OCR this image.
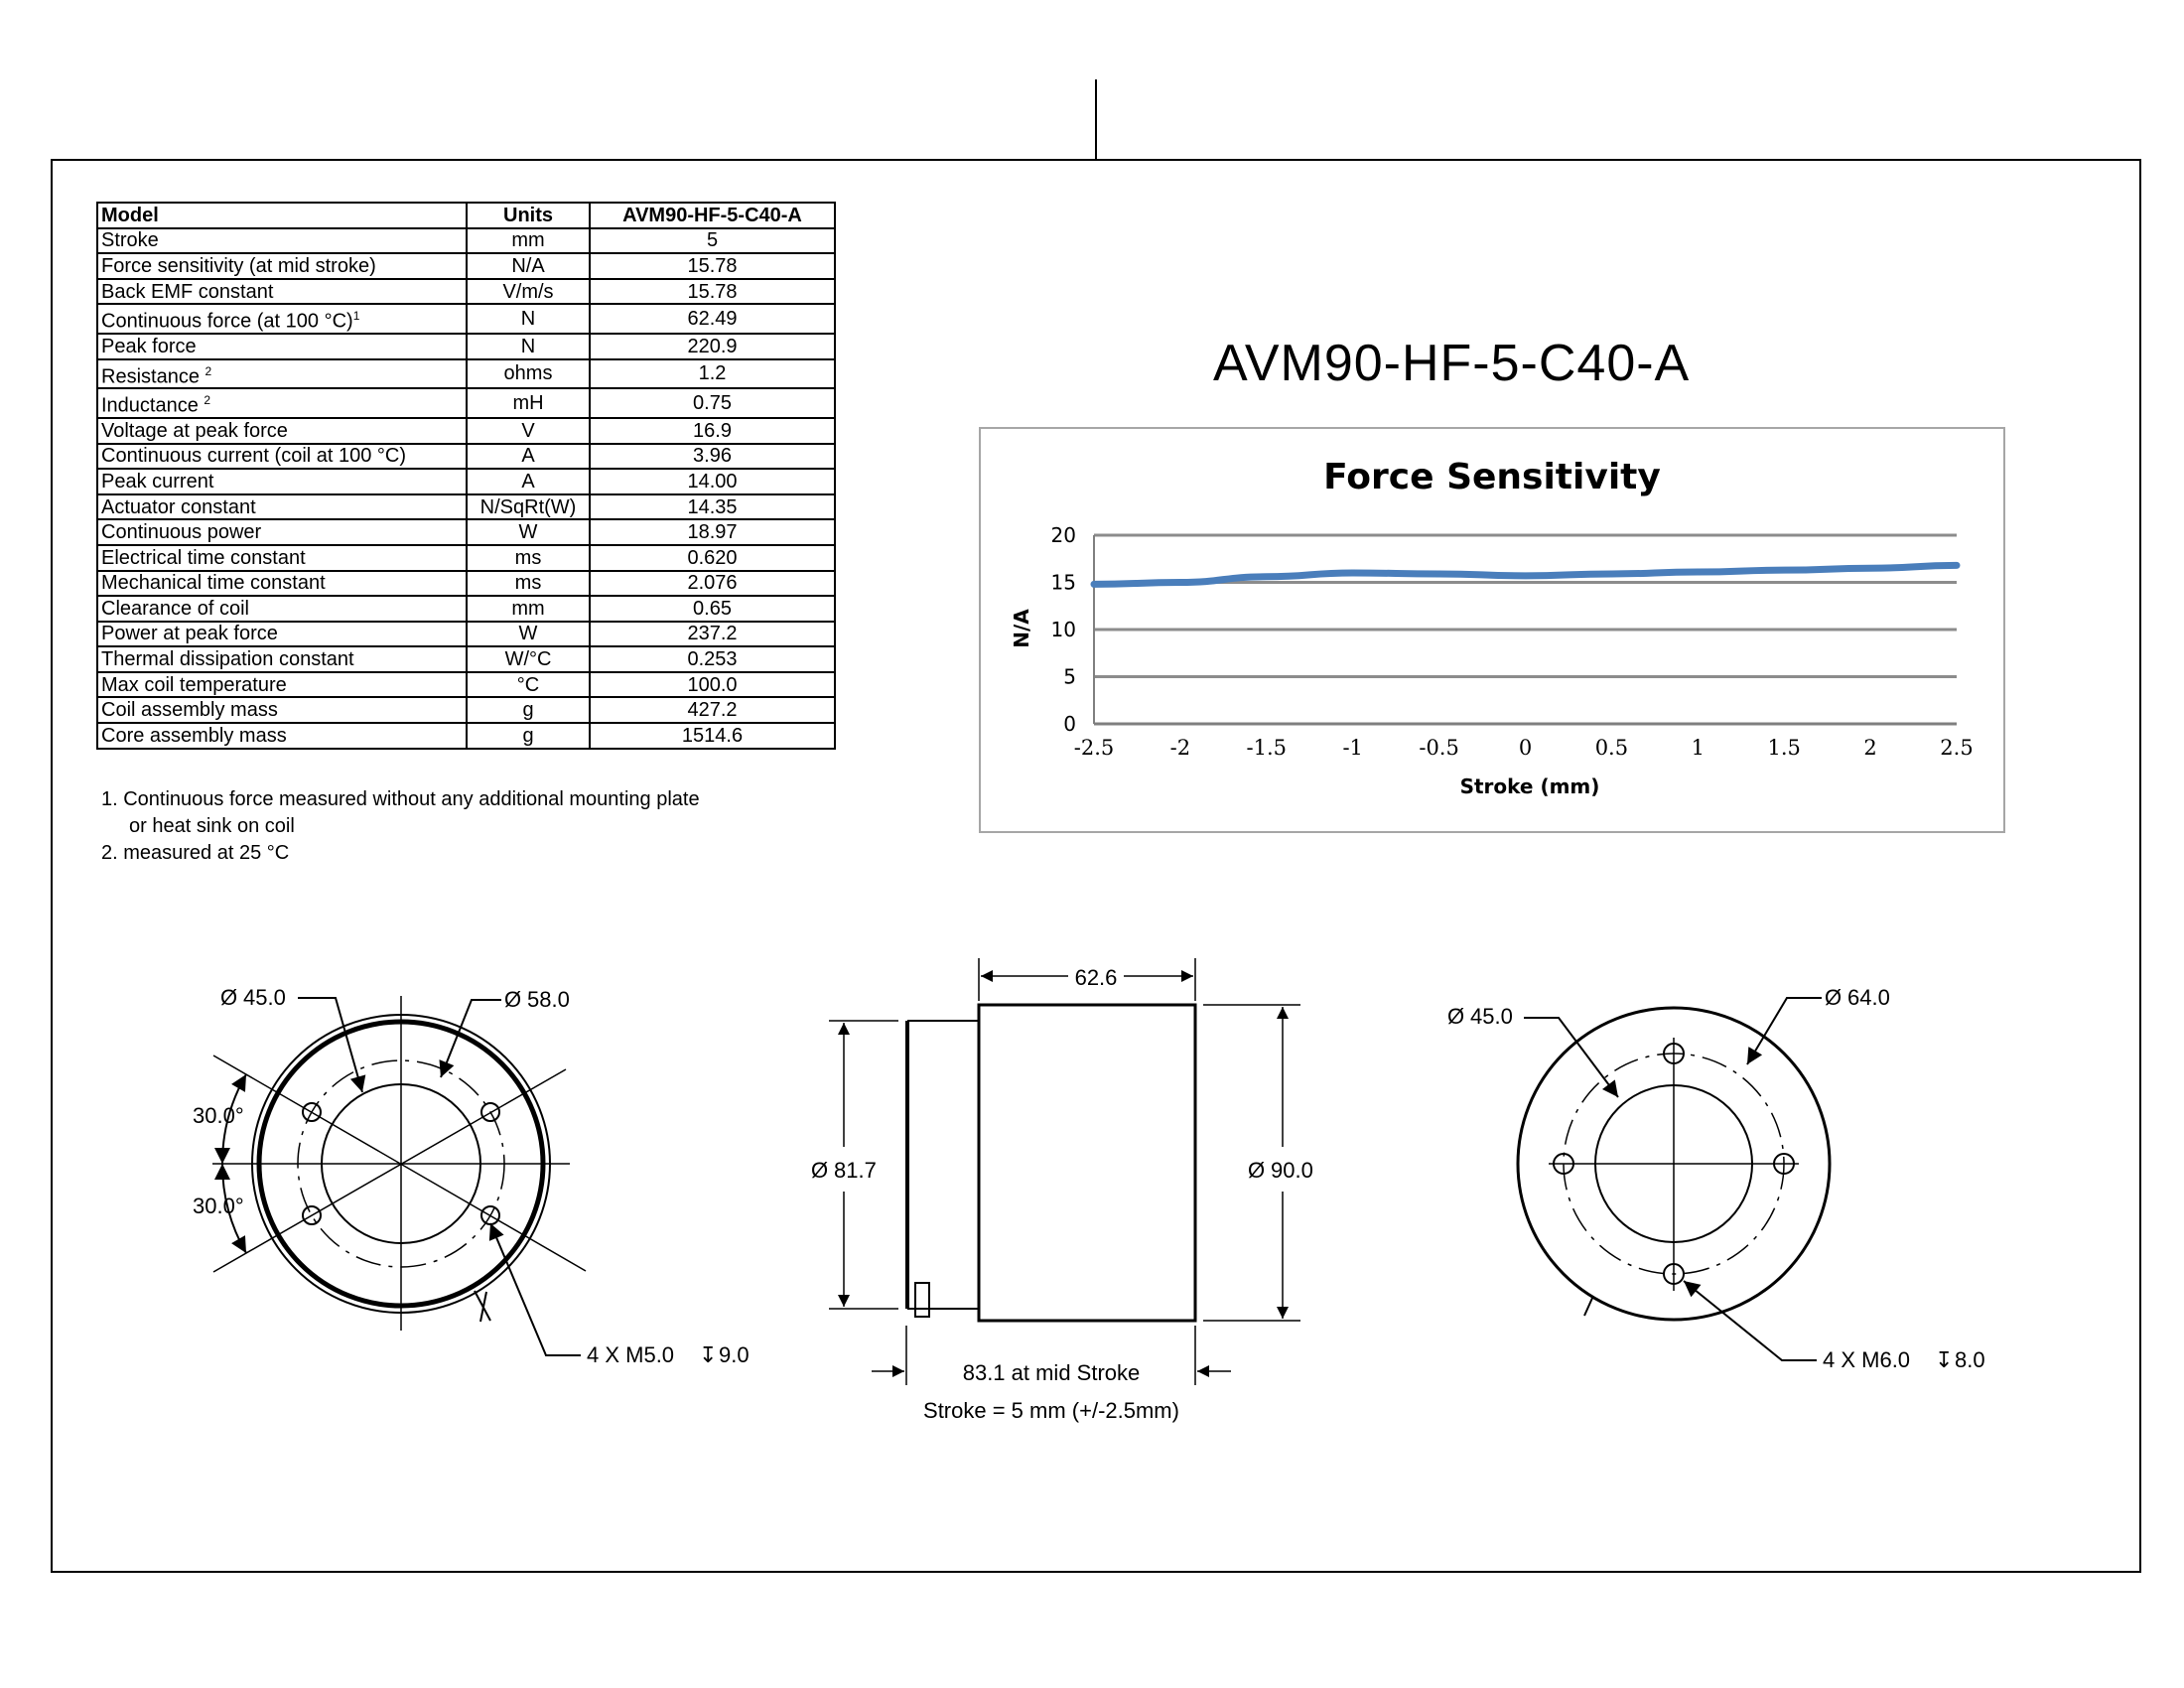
Model	Units	AVM90-HF-5-C40-A
Stroke	mm	5
Force sensitivity (at mid stroke)	N/A	15.78
Back EMF constant	V/m/s	15.78
Continuous force (at 100 °C)$^1$	N	62.49
Peak force	N	220.9
Resistance $^2$	ohms	1.2
Inductance $^2$	mH	0.75
Voltage at peak force	V	16.9
Continuous current (coil at 100 °C)	A	3.96
Peak current	A	14.00
Actuator constant	N/SqRt(W)	14.35
Continuous power	W	18.97
Electrical time constant	ms	0.620
Mechanical time constant	ms	2.076
Clearance of coil	mm	0.65
Power at peak force	W	237.2
Thermal dissipation constant	W/°C	0.253
Max coil temperature	°C	100.0
Coil assembly mass	g	427.2
Core assembly mass	g	1514.6
1. Continuous force measured without any additional mounting plate
or heat sink on coil
2. measured at 25 °C
AVM90-HF-5-C40-A
Force Sensitivity
-2.5	-2	-1.5	-1	-0.5	0	0.5	1	1.5	2	2.5
0
5
10
15
20
Stroke (mm)
N/A
Ø 45.0	Ø 58.0
30.0°
30.0°
4 X M5.0 ↧ 9.0
62.6
Ø 81.7	Ø 90.0
83.1 at mid Stroke
Stroke = 5 mm (+/-2.5mm)
Ø 45.0
Ø 64.0
4 X M6.0 ↧ 8.0
